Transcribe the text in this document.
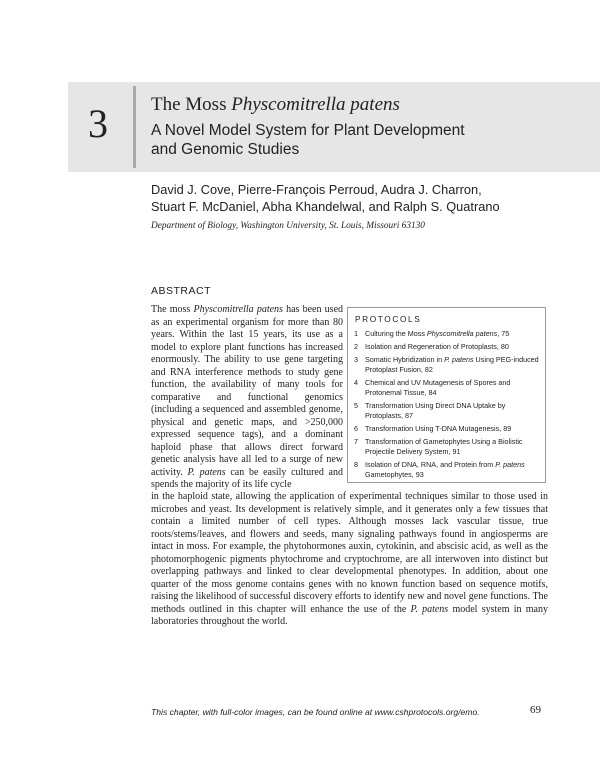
3	The Moss Physcomitrella patens
A Novel Model System for Plant Development and Genomic Studies
David J. Cove, Pierre-François Perroud, Audra J. Charron,
Stuart F. McDaniel, Abha Khandelwal, and Ralph S. Quatrano
Department of Biology, Washington University, St. Louis, Missouri 63130
ABSTRACT

The moss Physcomitrella patens has been used as an experimental organism for more than 80 years. Within the last 15 years, its use as a model to explore plant functions has increased enormously. The ability to use gene targeting and RNA interference methods to study gene function, the availability of many tools for comparative and functional genomics (including a sequenced and assembled genome, physical and genetic maps, and >250,000 expressed sequence tags), and a dominant haploid phase that allows direct forward genetic analysis have all led to a surge of new activity. P. patens can be easily cultured and spends the majority of its life cycle

PROTOCOLS
1 Culturing the Moss Physcomitrella patens, 75
2 Isolation and Regeneration of Protoplasts, 80
3 Somatic Hybridization in P. patens Using PEG-induced Protoplast Fusion, 82
4 Chemical and UV Mutagenesis of Spores and Protonemal Tissue, 84
5 Transformation Using Direct DNA Uptake by Protoplasts, 87
6 Transformation Using T-DNA Mutagenesis, 89
7 Transformation of Gametophytes Using a Biolistic Projectile Delivery System, 91
8 Isolation of DNA, RNA, and Protein from P. patens Gametophytes, 93

in the haploid state, allowing the application of experimental techniques similar to those used in microbes and yeast. Its development is relatively simple, and it generates only a few tissues that contain a limited number of cell types. Although mosses lack vascular tissue, true roots/stems/leaves, and flowers and seeds, many signaling pathways found in angiosperms are intact in moss. For example, the phytohormones auxin, cytokinin, and abscisic acid, as well as the photomorphogenic pigments phytochrome and cryptochrome, are all interwoven into distinct but overlapping pathways and linked to clear developmental phenotypes. In addition, about one quarter of the moss genome contains genes with no known function based on sequence motifs, raising the likelihood of successful discovery efforts to identify new and novel gene functions. The methods outlined in this chapter will enhance the use of the P. patens model system in many laboratories throughout the world.

This chapter, with full-color images, can be found online at www.cshprotocols.org/emo.	69
